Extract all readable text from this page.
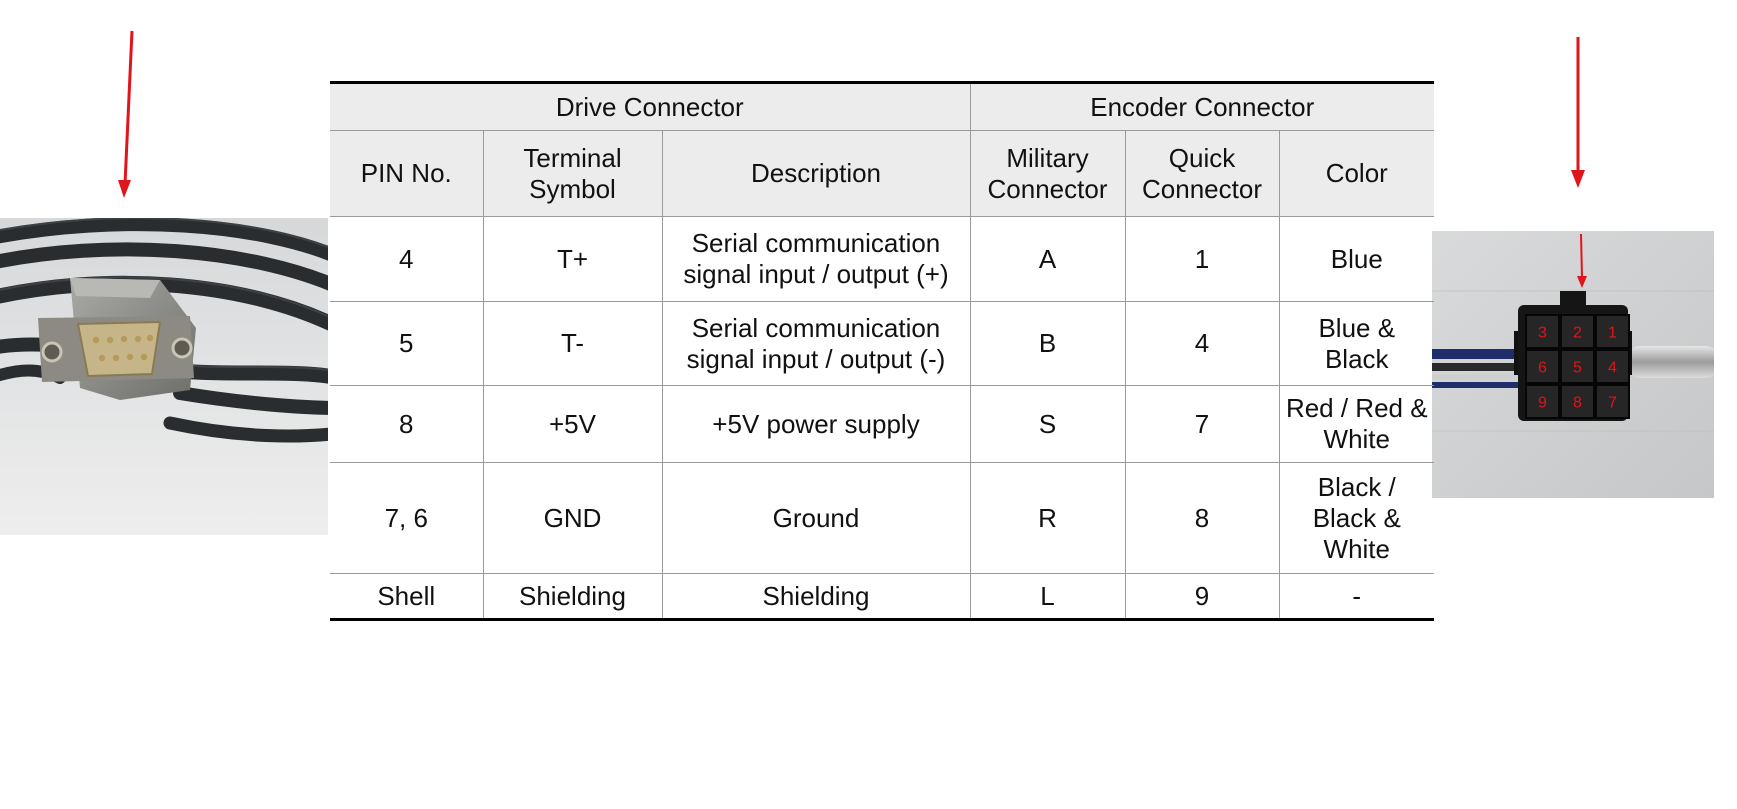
3 2 1
6 5 4
9 8 7
Drive Connector			Encoder Connector		
PIN No.	Terminal Symbol	Description	Military Connector	Quick Connector	Color
4	T+	Serial communication signal input / output (+)	A	1	Blue
5	T-	Serial communication signal input / output (-)	B	4	Blue & Black
8	+5V	+5V power supply	S	7	Red / Red & White
7, 6	GND	Ground	R	8	Black / Black & White
Shell	Shielding	Shielding	L	9	-
